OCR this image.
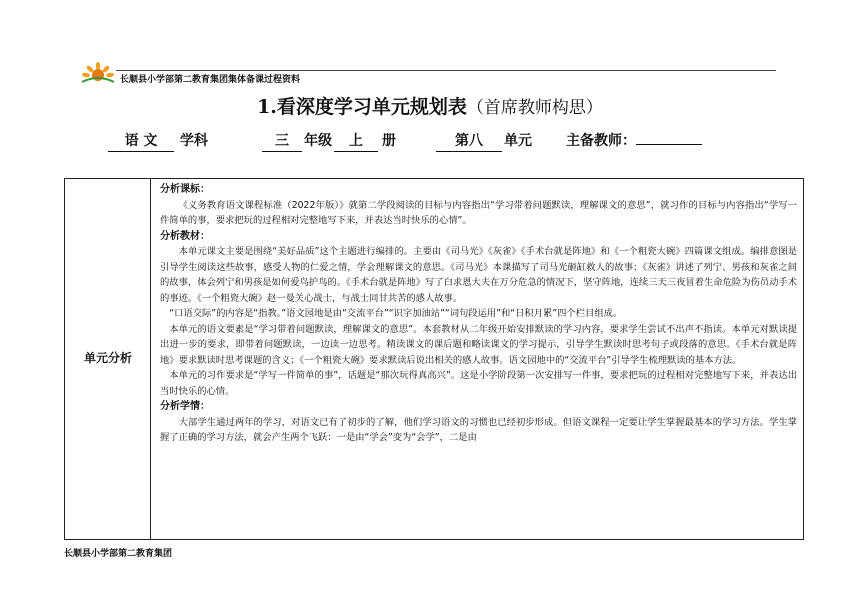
长顺县小学部第二教育集团集体备课过程资料
1.看深度学习单元规划表（首席教师构思）
语 文 学科	三 年级 上 册	第八 单元 主备教师：
单元分析
分析课标：

《义务教育语文课程标准（2022年版）》就第二学段阅读的目标与内容指出“学习带着问题默读，理解课文的意思”，就习作的目标与内容指出“学写一件简单的事，要求把玩的过程相对完整地写下来，并表达当时快乐的心情”。

分析教材：

本单元课文主要是围绕“美好品质”这个主题进行编排的。主要由《司马光》《灰雀》《手术台就是阵地》和《一个粗瓷大碗》四篇课文组成。编排意图是引导学生阅读这些故事，感受人物的仁爱之情，学会理解课文的意思。《司马光》本课描写了司马光砸缸救人的故事；《灰雀》讲述了列宁、男孩和灰雀之间的故事，体会列宁和男孩是如何爱鸟护鸟的。《手术台就是阵地》写了白求恩大夫在万分危急的情况下，坚守阵地，连续三天三夜冒着生命危险为伤员动手术的事迹。《一个粗瓷大碗》赵一曼关心战士，与战士同甘共苦的感人故事。

“口语交际”的内容是“指教。”语文园地是由“交流平台”“识字加油站”“词句段运用”和“日积月累”四个栏目组成。

本单元的语文要素是“学习带着问题默读，理解课文的意思”。本套教材从二年级开始安排默读的学习内容，要求学生尝试不出声不指读。本单元对默读提出进一步的要求，即带着问题默读，一边读一边思考。精读课文的课后题和略读课文的学习提示，引导学生默读时思考句子或段落的意思。《手术台就是阵地》要求默读时思考课题的含义；《一个粗瓷大碗》要求默读后说出相关的感人故事。语文园地中的“交流平台”引导学生梳理默读的基本方法。

本单元的习作要求是“学写一件简单的事”，话题是“那次玩得真高兴”。这是小学阶段第一次安排写一件事，要求把玩的过程相对完整地写下来，并表达出当时快乐的心情。

分析学情：

大部学生通过两年的学习，对语文已有了初步的了解，他们学习语文的习惯也已经初步形成。但语文课程一定要让学生掌握最基本的学习方法。学生掌握了正确的学习方法，就会产生两个飞跃：一是由“学会”变为“会学”，二是由

长顺县小学部第二教育集团
